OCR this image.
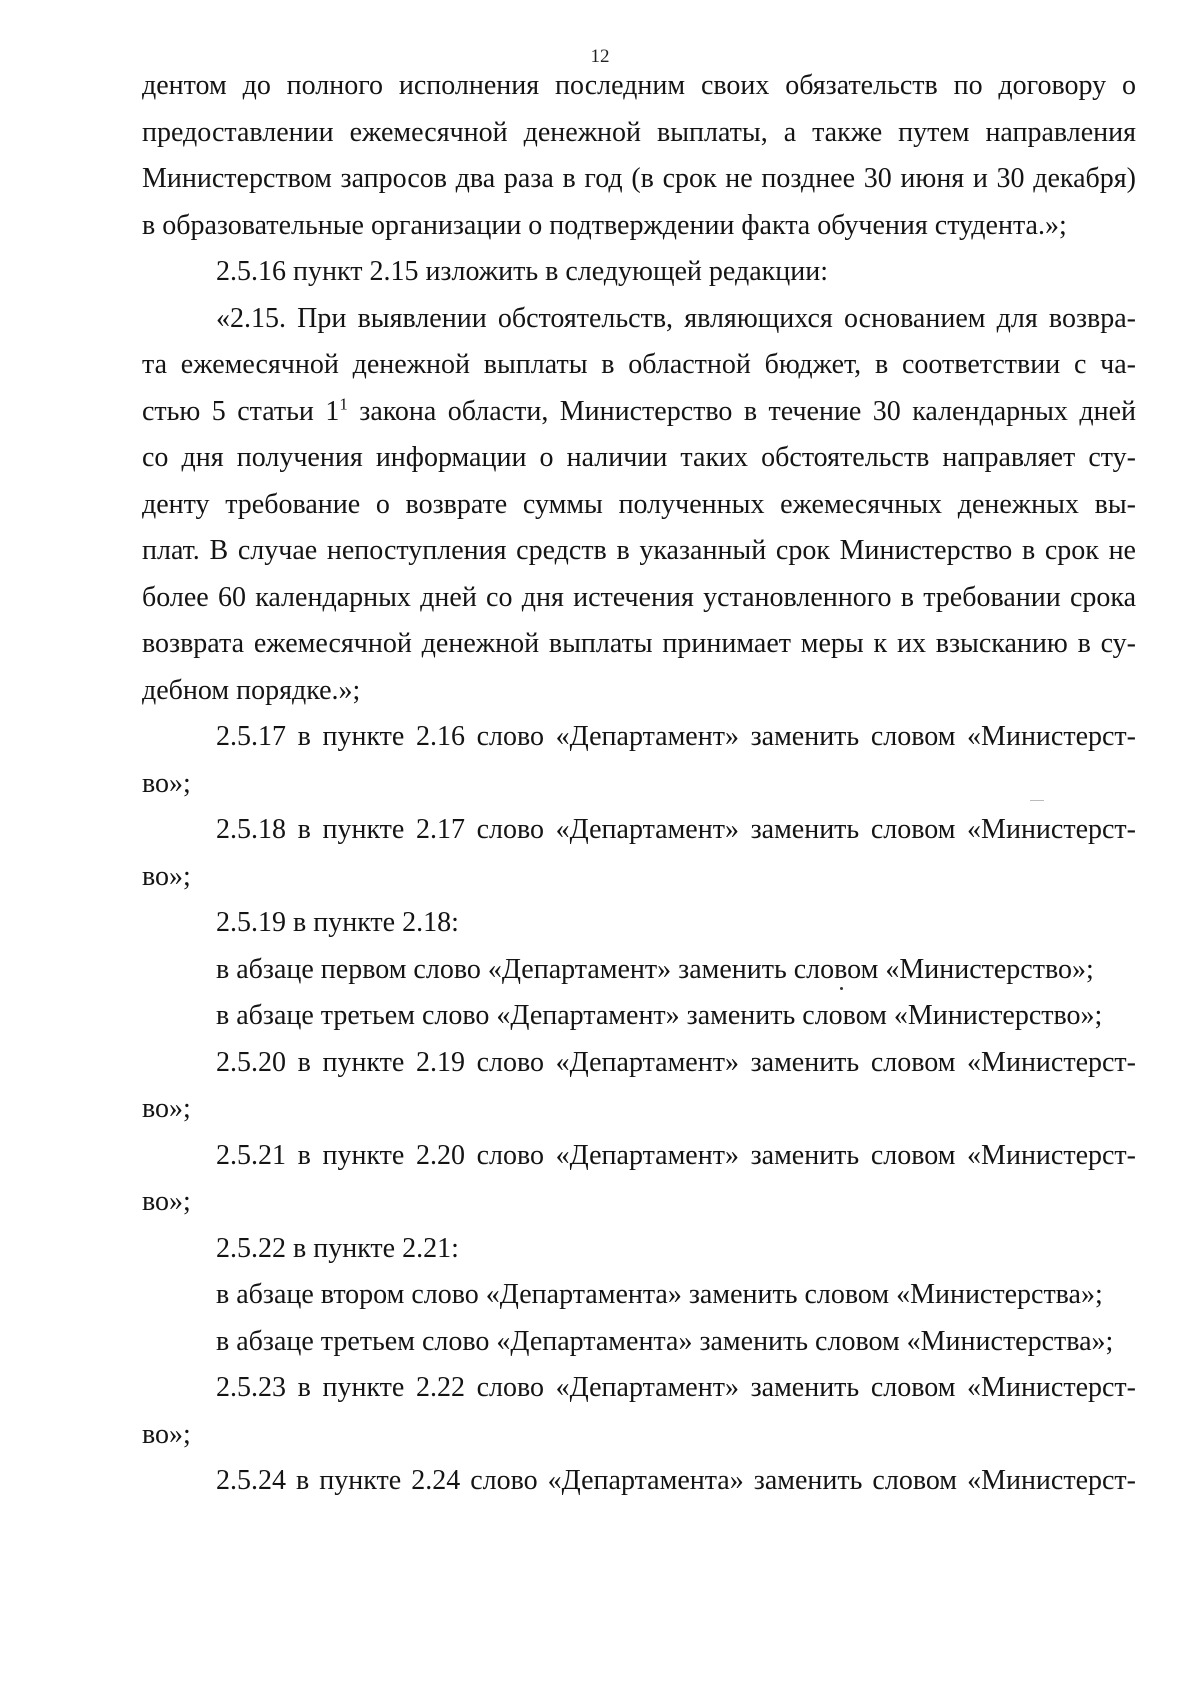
12
дентом до полного исполнения последним своих обязательств по договору о
предоставлении ежемесячной денежной выплаты, а также путем направления
Министерством запросов два раза в год (в срок не позднее 30 июня и 30 декабря)
в образовательные организации о подтверждении факта обучения студента.»;
2.5.16 пункт 2.15 изложить в следующей редакции:
«2.15. При выявлении обстоятельств, являющихся основанием для возвра-
та ежемесячной денежной выплаты в областной бюджет, в соответствии с ча-
стью 5 статьи $1^1$ закона области, Министерство в течение 30 календарных дней
со дня получения информации о наличии таких обстоятельств направляет сту-
денту требование о возврате суммы полученных ежемесячных денежных вы-
плат. В случае непоступления средств в указанный срок Министерство в срок не
более 60 календарных дней со дня истечения установленного в требовании срока
возврата ежемесячной денежной выплаты принимает меры к их взысканию в су-
дебном порядке.»;
2.5.17 в пункте 2.16 слово «Департамент» заменить словом «Министерст-
во»;
2.5.18 в пункте 2.17 слово «Департамент» заменить словом «Министерст-
во»;
2.5.19 в пункте 2.18:
в абзаце первом слово «Департамент» заменить словом «Министерство»;
в абзаце третьем слово «Департамент» заменить словом «Министерство»;
2.5.20 в пункте 2.19 слово «Департамент» заменить словом «Министерст-
во»;
2.5.21 в пункте 2.20 слово «Департамент» заменить словом «Министерст-
во»;
2.5.22 в пункте 2.21:
в абзаце втором слово «Департамента» заменить словом «Министерства»;
в абзаце третьем слово «Департамента» заменить словом «Министерства»;
2.5.23 в пункте 2.22 слово «Департамент» заменить словом «Министерст-
во»;
2.5.24 в пункте 2.24 слово «Департамента» заменить словом «Министерст-
